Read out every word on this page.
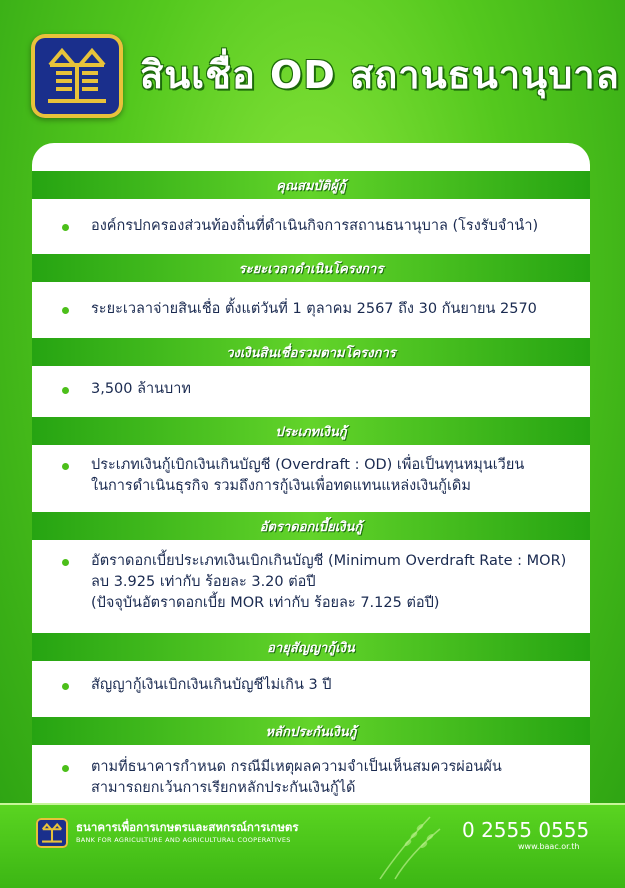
สินเชื่อ OD สถานธนานุบาล
คุณสมบัติผู้กู้
องค์กรปกครองส่วนท้องถิ่นที่ดำเนินกิจการสถานธนานุบาล (โรงรับจำนำ)
ระยะเวลาดำเนินโครงการ
ระยะเวลาจ่ายสินเชื่อ ตั้งแต่วันที่ 1 ตุลาคม 2567 ถึง 30 กันยายน 2570
วงเงินสินเชื่อรวมตามโครงการ
3,500 ล้านบาท
ประเภทเงินกู้
ประเภทเงินกู้เบิกเงินเกินบัญชี (Overdraft : OD) เพื่อเป็นทุนหมุนเวียน
ในการดำเนินธุรกิจ รวมถึงการกู้เงินเพื่อทดแทนแหล่งเงินกู้เดิม
อัตราดอกเบี้ยเงินกู้
อัตราดอกเบี้ยประเภทเงินเบิกเกินบัญชี (Minimum Overdraft Rate : MOR)
ลบ 3.925 เท่ากับ ร้อยละ 3.20 ต่อปี
(ปัจจุบันอัตราดอกเบี้ย MOR เท่ากับ ร้อยละ 7.125 ต่อปี)
อายุสัญญากู้เงิน
สัญญากู้เงินเบิกเงินเกินบัญชีไม่เกิน 3 ปี
หลักประกันเงินกู้
ตามที่ธนาคารกำหนด กรณีมีเหตุผลความจำเป็นเห็นสมควรผ่อนผัน
สามารถยกเว้นการเรียกหลักประกันเงินกู้ได้
ธนาคารเพื่อการเกษตรและสหกรณ์การเกษตร
BANK FOR AGRICULTURE AND AGRICULTURAL COOPERATIVES	0 2555 0555
www.baac.or.th
